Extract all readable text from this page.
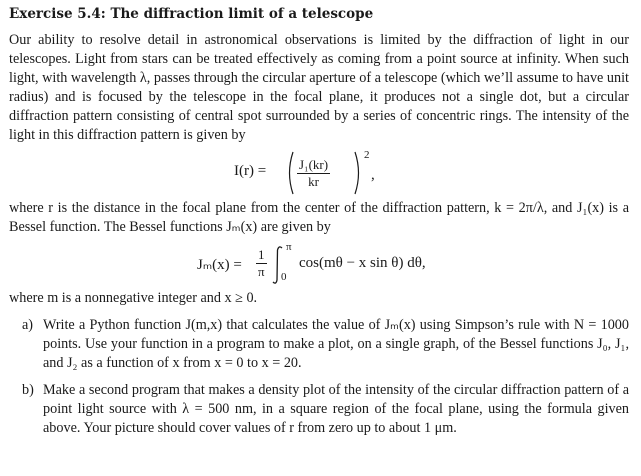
Exercise 5.4: The diffraction limit of a telescope

Our ability to resolve detail in astronomical observations is limited by the diffraction of light in our telescopes. Light from stars can be treated effectively as coming from a point source at infinity. When such light, with wavelength λ, passes through the circular aperture of a telescope (which we’ll assume to have unit radius) and is focused by the telescope in the focal plane, it produces not a single dot, but a circular diffraction pattern consisting of central spot surrounded by a series of concentric rings. The intensity of the light in this diffraction pattern is given by

$I(r) = \frac{\text{J₁(kr)}}{kr}$
2
,

where r is the distance in the focal plane from the center of the diffraction pattern, k = 2π/λ, and J₁(x) is a Bessel function. The Bessel functions Jₘ(x) are given by

$J_m(x) = \frac{1}{\pi}$ π
0
cos(mθ − x sin θ) dθ,

where m is a nonnegative integer and x ≥ 0.

a) Write a Python function J(m,x) that calculates the value of Jₘ(x) using Simpson’s rule with N = 1000 points. Use your function in a program to make a plot, on a single graph, of the Bessel functions J₀, J₁, and J₂ as a function of x from x = 0 to x = 20.

b) Make a second program that makes a density plot of the intensity of the circular diffraction pattern of a point light source with λ = 500 nm, in a square region of the focal plane, using the formula given above. Your picture should cover values of r from zero up to about 1 μm.
